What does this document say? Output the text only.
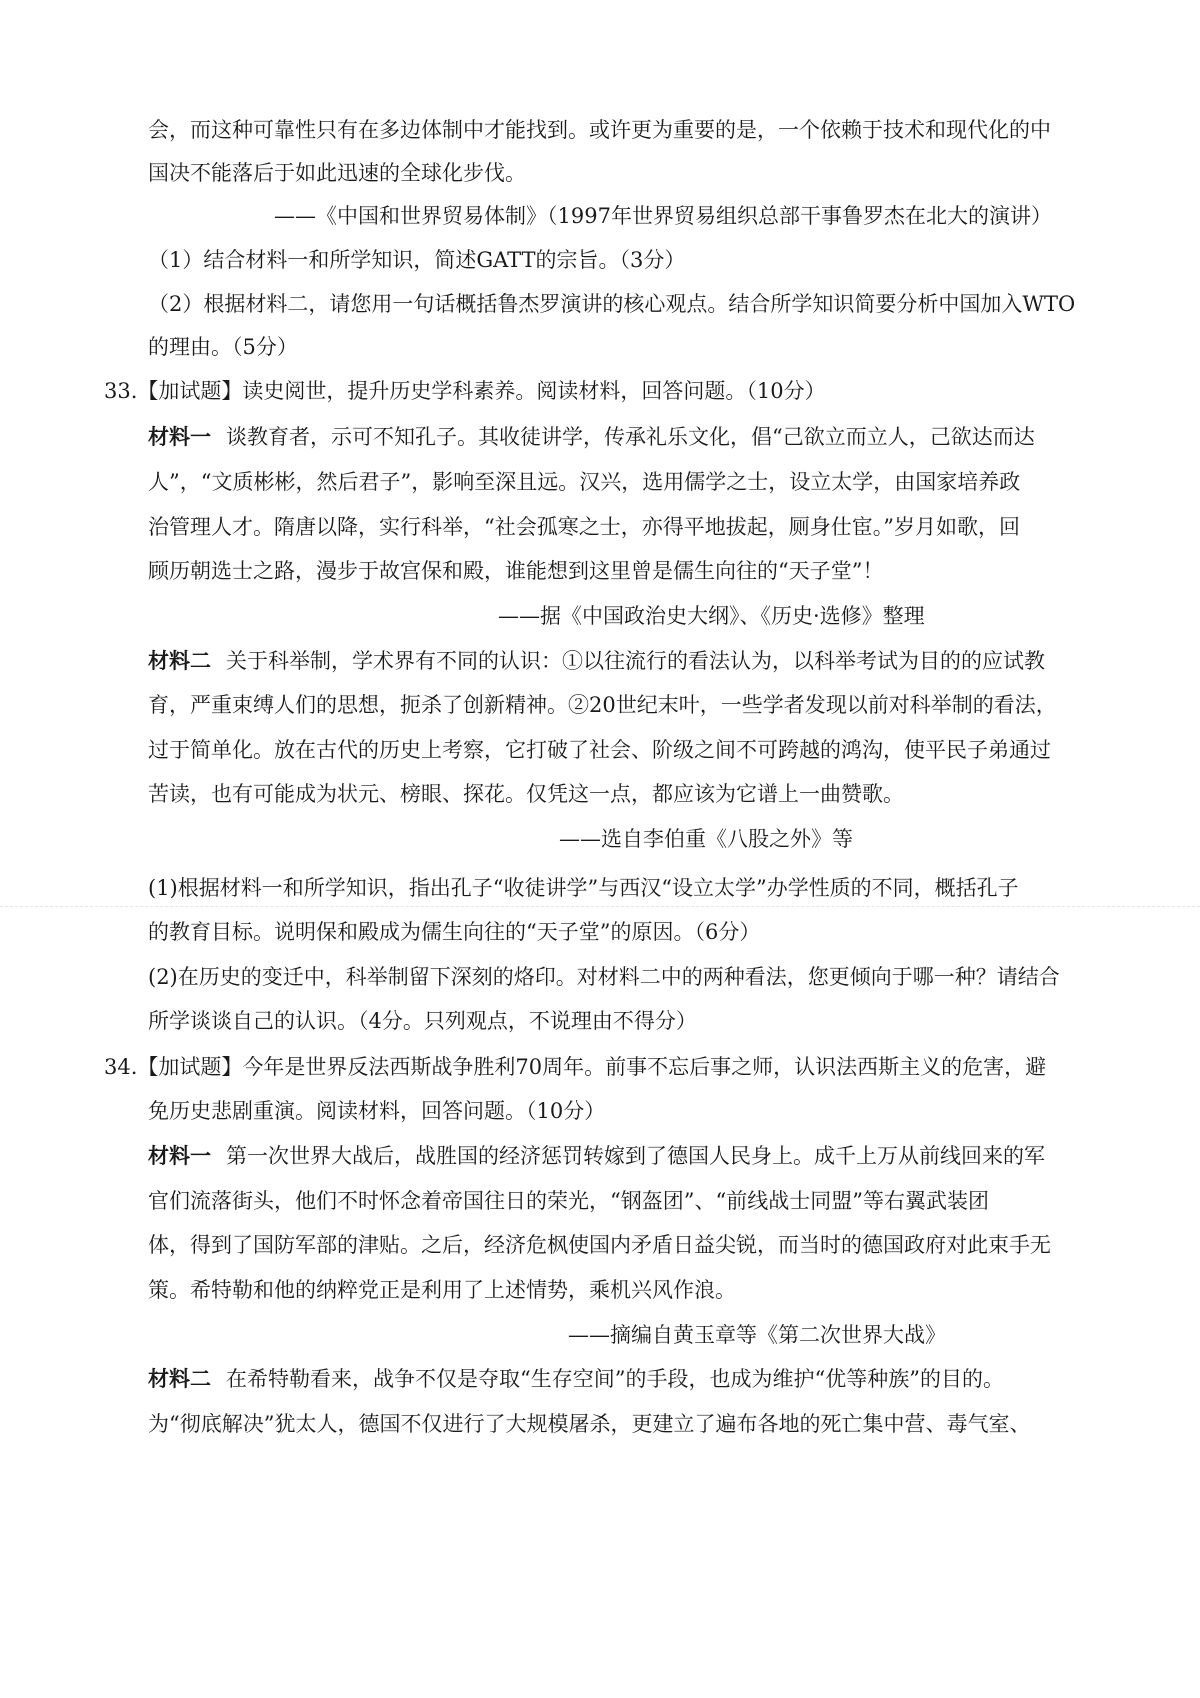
会，而这种可靠性只有在多边体制中才能找到。或许更为重要的是，一个依赖于技术和现代化的中
国决不能落后于如此迅速的全球化步伐。
——《中国和世界贸易体制》（1997年世界贸易组织总部干事鲁罗杰在北大的演讲）
（1）结合材料一和所学知识，简述GATT的宗旨。（3分）
（2）根据材料二，请您用一句话概括鲁杰罗演讲的核心观点。结合所学知识简要分析中国加入WTO
的理由。（5分）
33.【加试题】读史阅世，提升历史学科素养。阅读材料，回答问题。（10分）
材料一 谈教育者，示可不知孔子。其收徒讲学，传承礼乐文化，倡“己欲立而立人，己欲达而达
人”，“文质彬彬，然后君子”，影响至深且远。汉兴，选用儒学之士，设立太学，由国家培养政
治管理人才。隋唐以降，实行科举，“社会孤寒之士，亦得平地拔起，厕身仕宦。”岁月如歌，回
顾历朝选士之路，漫步于故宫保和殿，谁能想到这里曾是儒生向往的“天子堂”！
——据《中国政治史大纲》、《历史·选修》整理
材料二 关于科举制，学术界有不同的认识：①以往流行的看法认为，以科举考试为目的的应试教
育，严重束缚人们的思想，扼杀了创新精神。②20世纪末叶，一些学者发现以前对科举制的看法，
过于简单化。放在古代的历史上考察，它打破了社会、阶级之间不可跨越的鸿沟，使平民子弟通过
苦读，也有可能成为状元、榜眼、探花。仅凭这一点，都应该为它谱上一曲赞歌。
——选自李伯重《八股之外》等
(1)根据材料一和所学知识，指出孔子“收徒讲学”与西汉“设立太学”办学性质的不同，概括孔子
的教育目标。说明保和殿成为儒生向往的“天子堂”的原因。（6分）
(2)在历史的变迁中，科举制留下深刻的烙印。对材料二中的两种看法，您更倾向于哪一种？请结合
所学谈谈自己的认识。（4分。只列观点，不说理由不得分）
34.【加试题】今年是世界反法西斯战争胜利70周年。前事不忘后事之师，认识法西斯主义的危害，避
免历史悲剧重演。阅读材料，回答问题。（10分）
材料一 第一次世界大战后，战胜国的经济惩罚转嫁到了德国人民身上。成千上万从前线回来的军
官们流落街头，他们不时怀念着帝国往日的荣光，“钢盔团”、“前线战士同盟”等右翼武装团
体，得到了国防军部的津贴。之后，经济危枫使国内矛盾日益尖锐，而当时的德国政府对此束手无
策。希特勒和他的纳粹党正是利用了上述情势，乘机兴风作浪。
——摘编自黄玉章等《第二次世界大战》
材料二 在希特勒看来，战争不仅是夺取“生存空间”的手段，也成为维护“优等种族”的目的。
为“彻底解决”犹太人，德国不仅进行了大规模屠杀，更建立了遍布各地的死亡集中营、毒气室、
